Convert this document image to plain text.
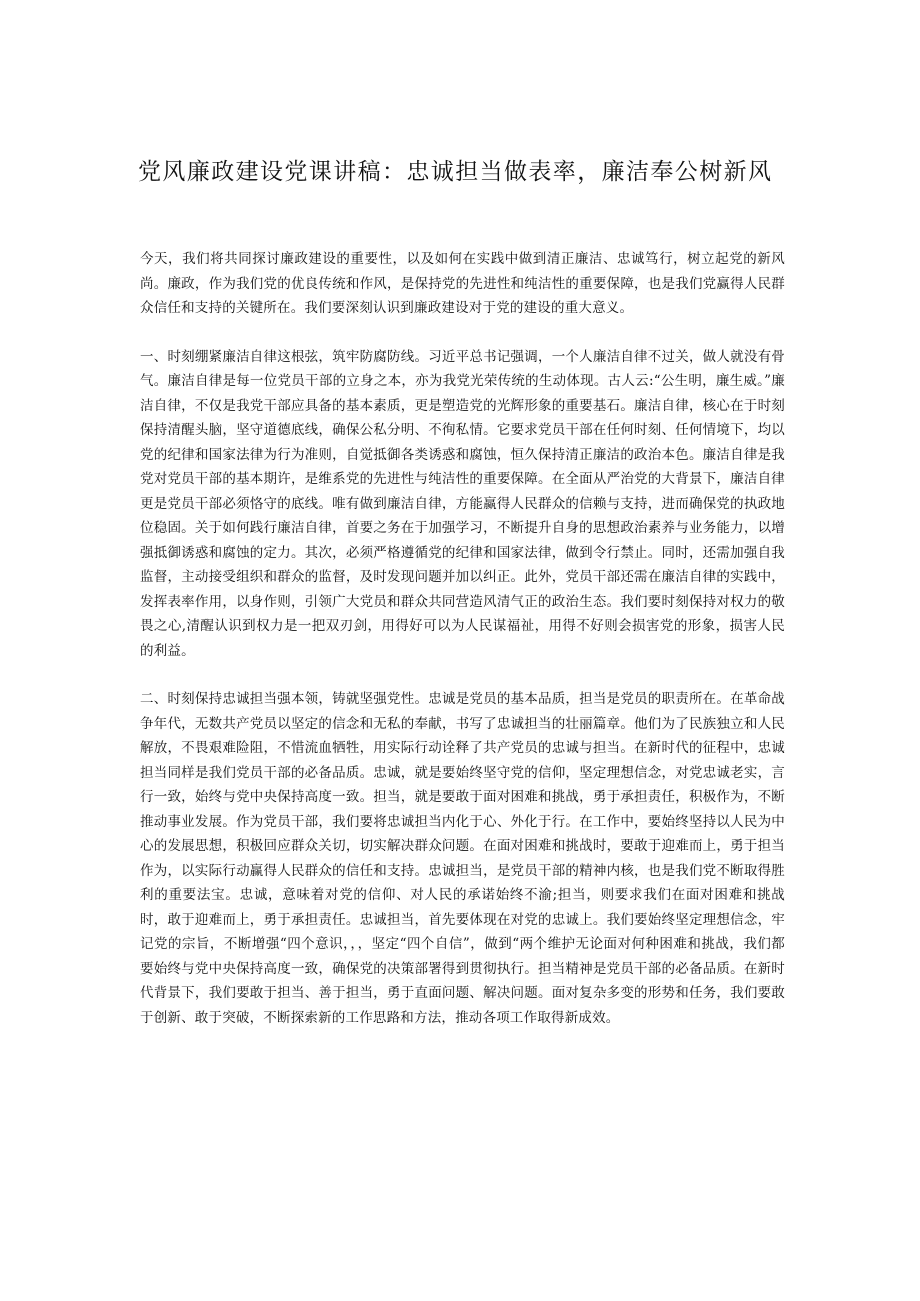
党风廉政建设党课讲稿：忠诚担当做表率，廉洁奉公树新风

今天，我们将共同探讨廉政建设的重要性，以及如何在实践中做到清正廉洁、忠诚笃行，树立起党的新风尚。廉政，作为我们党的优良传统和作风，是保持党的先进性和纯洁性的重要保障，也是我们党赢得人民群众信任和支持的关键所在。我们要深刻认识到廉政建设对于党的建设的重大意义。

一、时刻绷紧廉洁自律这根弦，筑牢防腐防线。习近平总书记强调，一个人廉洁自律不过关，做人就没有骨气。廉洁自律是每一位党员干部的立身之本，亦为我党光荣传统的生动体现。古人云:“公生明，廉生威。”廉洁自律，不仅是我党干部应具备的基本素质，更是塑造党的光辉形象的重要基石。廉洁自律，核心在于时刻保持清醒头脑，坚守道德底线，确保公私分明、不徇私情。它要求党员干部在任何时刻、任何情境下，均以党的纪律和国家法律为行为准则，自觉抵御各类诱惑和腐蚀，恒久保持清正廉洁的政治本色。廉洁自律是我党对党员干部的基本期许，是维系党的先进性与纯洁性的重要保障。在全面从严治党的大背景下，廉洁自律更是党员干部必须恪守的底线。唯有做到廉洁自律，方能赢得人民群众的信赖与支持，进而确保党的执政地位稳固。关于如何践行廉洁自律，首要之务在于加强学习，不断提升自身的思想政治素养与业务能力，以增强抵御诱惑和腐蚀的定力。其次，必须严格遵循党的纪律和国家法律，做到令行禁止。同时，还需加强自我监督，主动接受组织和群众的监督，及时发现问题并加以纠正。此外，党员干部还需在廉洁自律的实践中，发挥表率作用，以身作则，引领广大党员和群众共同营造风清气正的政治生态。我们要时刻保持对权力的敬畏之心,清醒认识到权力是一把双刃剑，用得好可以为人民谋福祉，用得不好则会损害党的形象，损害人民的利益。

二、时刻保持忠诚担当强本领，铸就坚强党性。忠诚是党员的基本品质，担当是党员的职责所在。在革命战争年代，无数共产党员以坚定的信念和无私的奉献，书写了忠诚担当的壮丽篇章。他们为了民族独立和人民解放，不畏艰难险阻，不惜流血牺牲，用实际行动诠释了共产党员的忠诚与担当。在新时代的征程中，忠诚担当同样是我们党员干部的必备品质。忠诚，就是要始终坚守党的信仰，坚定理想信念，对党忠诚老实，言行一致，始终与党中央保持高度一致。担当，就是要敢于面对困难和挑战，勇于承担责任，积极作为，不断推动事业发展。作为党员干部，我们要将忠诚担当内化于心、外化于行。在工作中，要始终坚持以人民为中心的发展思想，积极回应群众关切，切实解决群众问题。在面对困难和挑战时，要敢于迎难而上，勇于担当作为，以实际行动赢得人民群众的信任和支持。忠诚担当，是党员干部的精神内核，也是我们党不断取得胜利的重要法宝。忠诚，意味着对党的信仰、对人民的承诺始终不渝;担当，则要求我们在面对困难和挑战时，敢于迎难而上，勇于承担责任。忠诚担当，首先要体现在对党的忠诚上。我们要始终坚定理想信念，牢记党的宗旨，不断增强“四个意识，，，坚定“四个自信”，做到“两个维护无论面对何种困难和挑战，我们都要始终与党中央保持高度一致，确保党的决策部署得到贯彻执行。担当精神是党员干部的必备品质。在新时代背景下，我们要敢于担当、善于担当，勇于直面问题、解决问题。面对复杂多变的形势和任务，我们要敢于创新、敢于突破，不断探索新的工作思路和方法，推动各项工作取得新成效。
